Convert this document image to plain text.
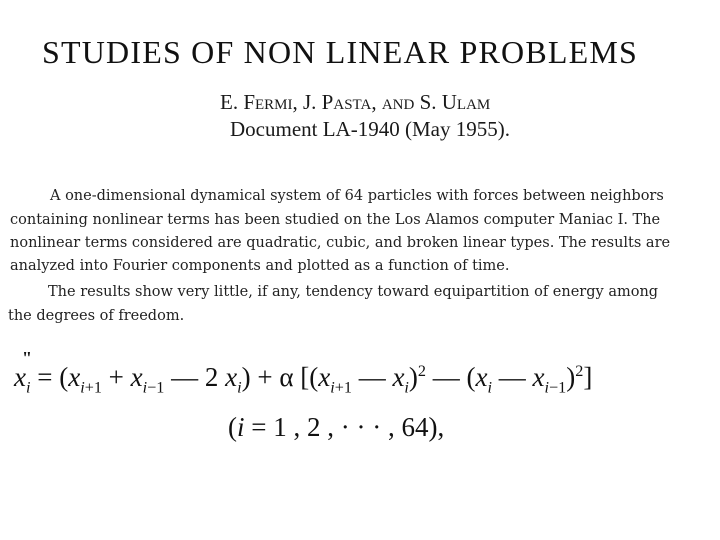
STUDIES OF NON LINEAR PROBLEMS
E. Fermi, J. Pasta, and S. Ulam
Document LA-1940 (May 1955).
A one-dimensional dynamical system of 64 particles with forces between neighbors
containing nonlinear terms has been studied on the Los Alamos computer Maniac I. The
nonlinear terms considered are quadratic, cubic, and broken linear types. The results are
analyzed into Fourier components and plotted as a function of time.
The results show very little, if any, tendency toward equipartition of energy among
the degrees of freedom.
"
$x_i = (x_{i+1} + x_{i-1}$ — 2 $x_i) + \alpha$ [($x_{i+1}$ — $x_i)^2$ — ($x_i$ — $x_{i-1})^2$]
(i = 1 , 2 , · · · , 64),
